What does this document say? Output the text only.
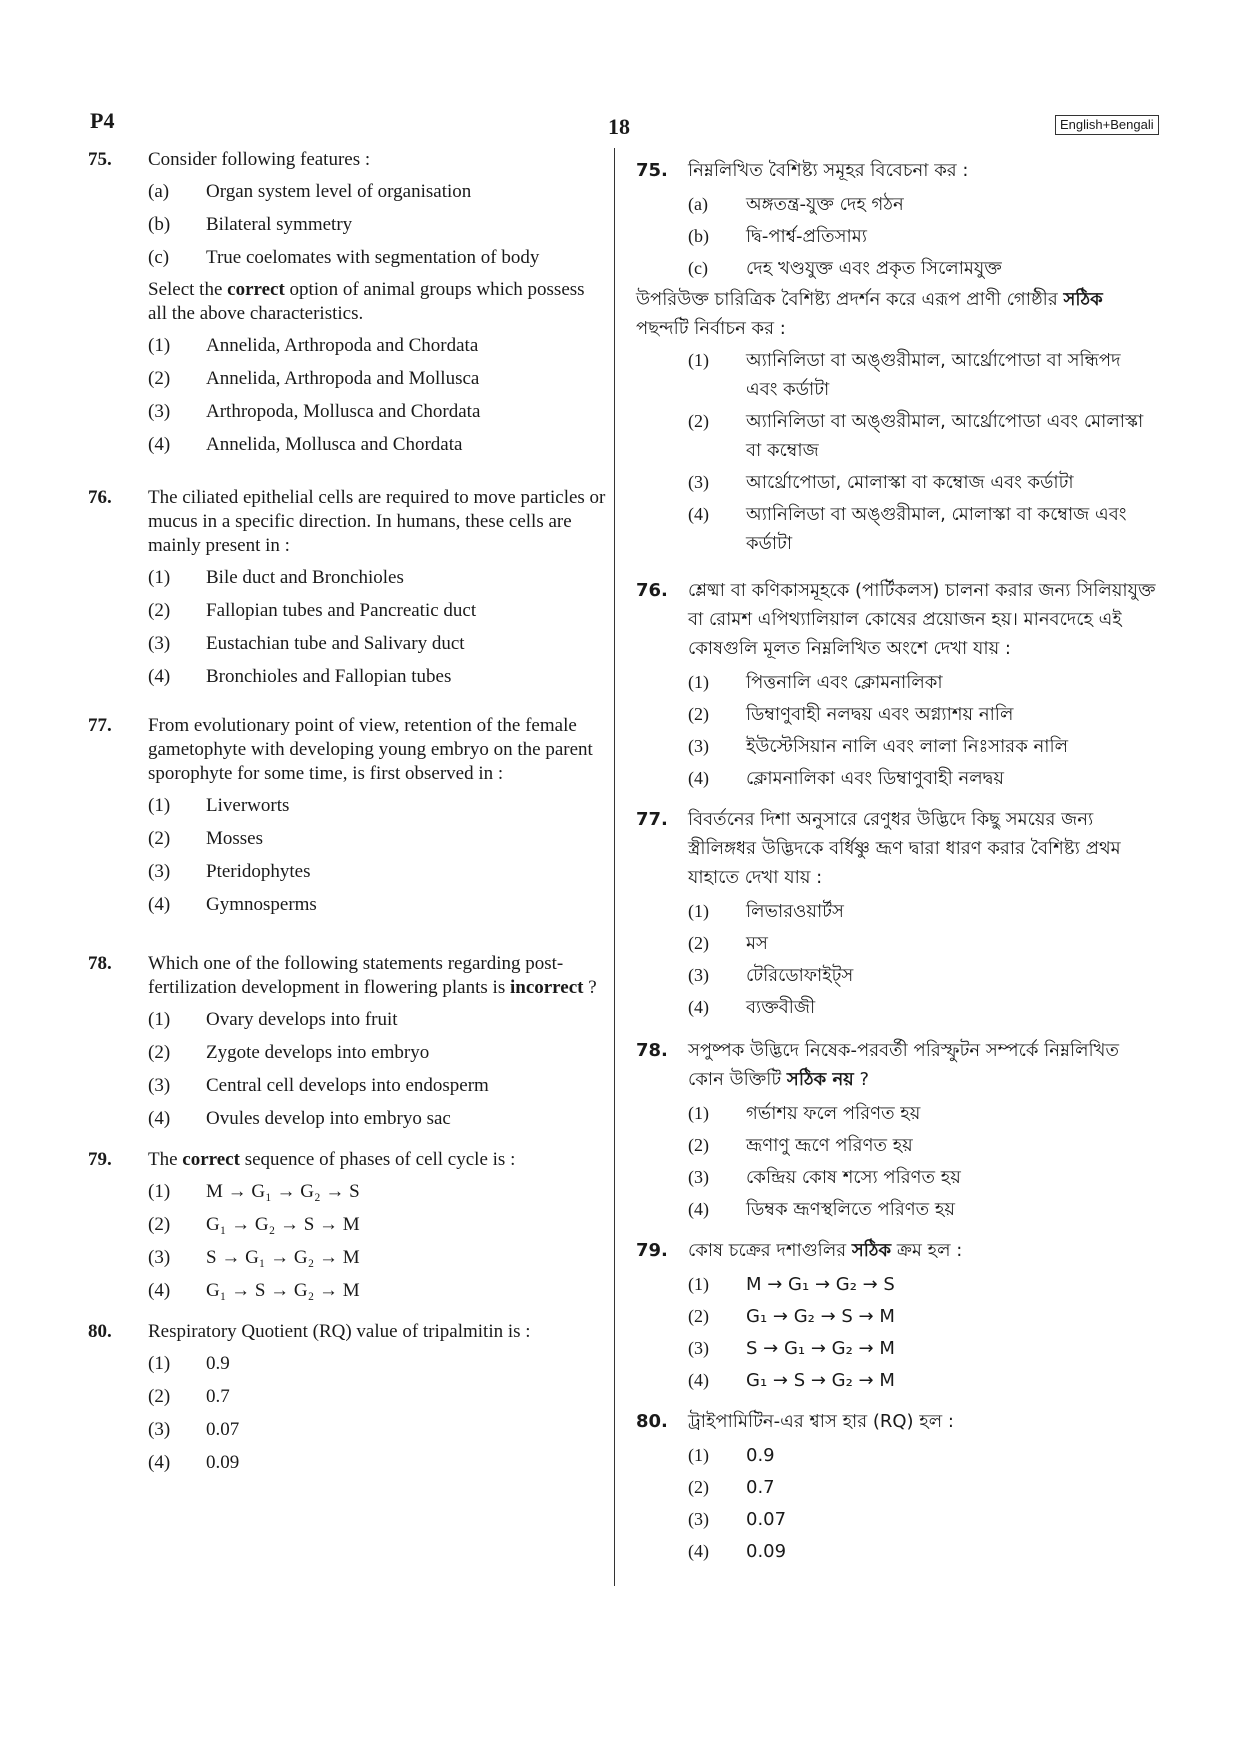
P4	18	English+Bengali
75. Consider following features :
(a)	Organ system level of organisation
(b)	Bilateral symmetry
(c)	True coelomates with segmentation of body
Select the correct option of animal groups which possess all the above characteristics.
(1)	Annelida, Arthropoda and Chordata
(2)	Annelida, Arthropoda and Mollusca
(3)	Arthropoda, Mollusca and Chordata
(4)	Annelida, Mollusca and Chordata
76. The ciliated epithelial cells are required to move particles or mucus in a specific direction. In humans, these cells are mainly present in :
(1)	Bile duct and Bronchioles
(2)	Fallopian tubes and Pancreatic duct
(3)	Eustachian tube and Salivary duct
(4)	Bronchioles and Fallopian tubes
77. From evolutionary point of view, retention of the female gametophyte with developing young embryo on the parent sporophyte for some time, is first observed in :
(1)	Liverworts
(2)	Mosses
(3)	Pteridophytes
(4)	Gymnosperms
78. Which one of the following statements regarding post-fertilization development in flowering plants is incorrect ?
(1)	Ovary develops into fruit
(2)	Zygote develops into embryo
(3)	Central cell develops into endosperm
(4)	Ovules develop into embryo sac
79. The correct sequence of phases of cell cycle is :
(1)	M → G₁ → G₂ → S
(2)	G₁ → G₂ → S → M
(3)	S → G₁ → G₂ → M
(4)	G₁ → S → G₂ → M
80. Respiratory Quotient (RQ) value of tripalmitin is :
(1)	0.9
(2)	0.7
(3)	0.07
(4)	0.09
75. নিম্নলিখিত বৈশিষ্ট্য সমূহর বিবেচনা কর :
(a)	অঙ্গতন্ত্র-যুক্ত দেহ গঠন
(b)	দ্বি-পার্শ্ব-প্রতিসাম্য
(c)	দেহ খণ্ডযুক্ত এবং প্রকৃত সিলোমযুক্ত
উপরিউক্ত চারিত্রিক বৈশিষ্ট্য প্রদর্শন করে এরূপ প্রাণী গোষ্ঠীর সঠিক পছন্দটি নির্বাচন কর :
(1)	অ্যানিলিডা বা অঙ্গুরীমাল, আর্থ্রোপোডা বা সন্ধিপদ এবং কর্ডাটা
(2)	অ্যানিলিডা বা অঙ্গুরীমাল, আর্থ্রোপোডা এবং মোলাস্কা বা কম্বোজ
(3)	আর্থ্রোপোডা, মোলাস্কা বা কম্বোজ এবং কর্ডাটা
(4)	অ্যানিলিডা বা অঙ্গুরীমাল, মোলাস্কা বা কম্বোজ এবং কর্ডাটা
76. শ্লেষ্মা বা কণিকাসমূহকে (পার্টিকলস) চালনা করার জন্য সিলিয়াযুক্ত বা রোমশ এপিথ্যালিয়াল কোষের প্রয়োজন হয়। মানবদেহে এই কোষগুলি মূলত নিম্নলিখিত অংশে দেখা যায় :
(1)	পিত্তনালি এবং ক্লোমনালিকা
(2)	ডিম্বাণুবাহী নলদ্বয় এবং অগ্ন্যাশয় নালি
(3)	ইউস্টেসিয়ান নালি এবং লালা নিঃসারক নালি
(4)	ক্লোমনালিকা এবং ডিম্বাণুবাহী নলদ্বয়
77. বিবর্তনের দিশা অনুসারে রেণুধর উদ্ভিদে কিছু সময়ের জন্য স্ত্রীলিঙ্গধর উদ্ভিদকে বর্ধিষ্ণু ভ্রূণ দ্বারা ধারণ করার বৈশিষ্ট্য প্রথম যাহাতে দেখা যায় :
(1)	লিভারওয়ার্টস
(2)	মস
(3)	টেরিডোফাইট্‌স
(4)	ব্যক্তবীজী
78. সপুষ্পক উদ্ভিদে নিষেক-পরবর্তী পরিস্ফুটন সম্পর্কে নিম্নলিখিত কোন উক্তিটি সঠিক নয় ?
(1)	গর্ভাশয় ফলে পরিণত হয়
(2)	ভ্রূণাণু ভ্রূণে পরিণত হয়
(3)	কেন্দ্রিয় কোষ শস্যে পরিণত হয়
(4)	ডিম্বক ভ্রূণস্থলিতে পরিণত হয়
79. কোষ চক্রের দশাগুলির সঠিক ক্রম হল :
(1)	M → G₁ → G₂ → S
(2)	G₁ → G₂ → S → M
(3)	S → G₁ → G₂ → M
(4)	G₁ → S → G₂ → M
80. ট্রাইপামিটিন-এর শ্বাস হার (RQ) হল :
(1)	0.9
(2)	0.7
(3)	0.07
(4)	0.09
